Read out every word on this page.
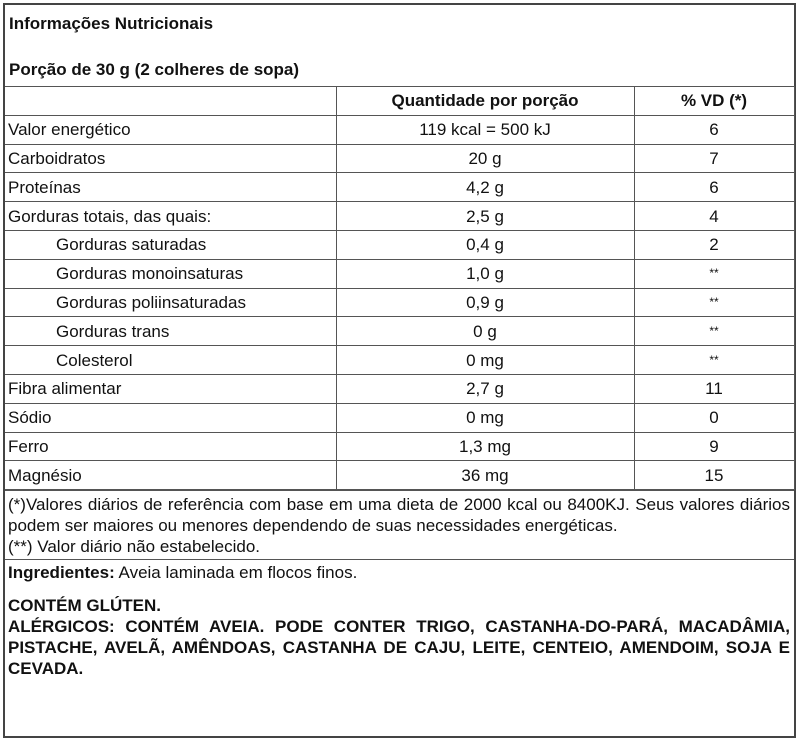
Informações Nutricionais
Porção de 30 g (2 colheres de sopa)
	Quantidade por porção	% VD (*)
Valor energético	119 kcal = 500 kJ	6
Carboidratos	20 g	7
Proteínas	4,2 g	6
Gorduras totais, das quais:	2,5 g	4
Gorduras saturadas	0,4 g	2
Gorduras monoinsaturas	1,0 g	**
Gorduras poliinsaturadas	0,9 g	**
Gorduras trans	0 g	**
Colesterol	0 mg	**
Fibra alimentar	2,7 g	11
Sódio	0 mg	0
Ferro	1,3 mg	9
Magnésio	36 mg	15
(*)Valores diários de referência com base em uma dieta de 2000 kcal ou 8400KJ. Seus valores diários podem ser maiores ou menores dependendo de suas necessidades energéticas.
(**) Valor diário não estabelecido.
Ingredientes: Aveia laminada em flocos finos.
CONTÉM GLÚTEN.
ALÉRGICOS: CONTÉM AVEIA. PODE CONTER TRIGO, CASTANHA-DO-PARÁ, MACADÂMIA, PISTACHE, AVELÃ, AMÊNDOAS, CASTANHA DE CAJU, LEITE, CENTEIO, AMENDOIM, SOJA E CEVADA.
